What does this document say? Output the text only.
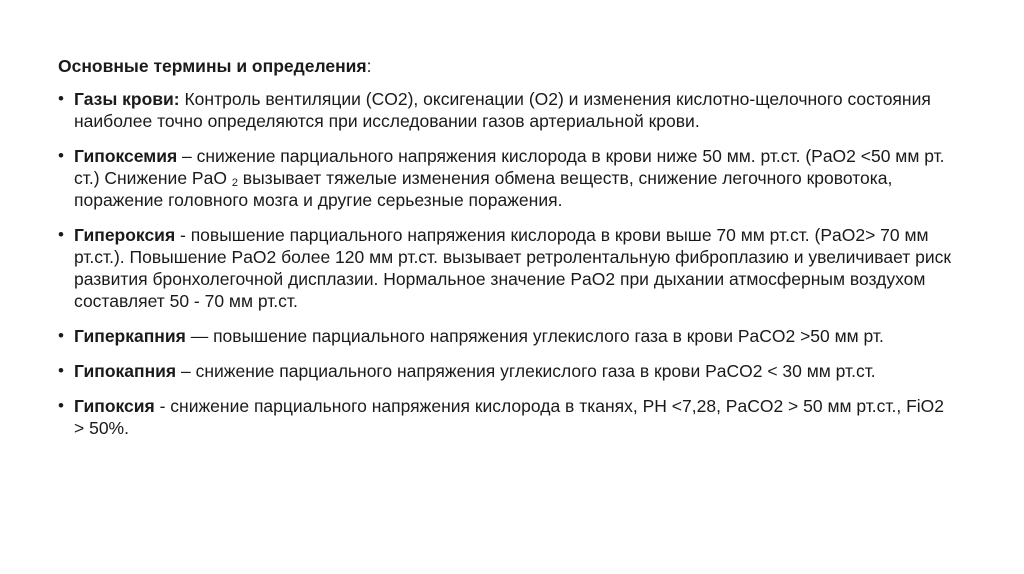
Основные термины и определения:
• Газы крови: Контроль вентиляции (CO2), оксигенации (O2) и изменения кислотно-щелочного состояния наиболее точно определяются при исследовании газов артериальной крови.
• Гипоксемия – снижение парциального напряжения кислорода в крови ниже 50 мм. рт.ст. (PaO2 <50 мм рт. ст.) Снижение PaO $_2$ вызывает тяжелые изменения обмена веществ, снижение легочного кровотока, поражение головного мозга и другие серьезные поражения.
• Гипероксия - повышение парциального напряжения кислорода в крови выше 70 мм рт.ст. (PaO2> 70 мм рт.ст.). Повышение PaO2 более 120 мм рт.ст. вызывает ретролентальную фиброплазию и увеличивает риск развития бронхолегочной дисплазии. Нормальное значение PaO2 при дыхании атмосферным воздухом составляет 50 - 70 мм рт.ст.
• Гиперкапния — повышение парциального напряжения углекислого газа в крови PaCO2 >50 мм рт.
• Гипокапния – снижение парциального напряжения углекислого газа в крови PaCO2 < 30 мм рт.ст.
• Гипоксия - снижение парциального напряжения кислорода в тканях, PH <7,28, PaCO2 > 50 мм рт.ст., FiO2 > 50%.
